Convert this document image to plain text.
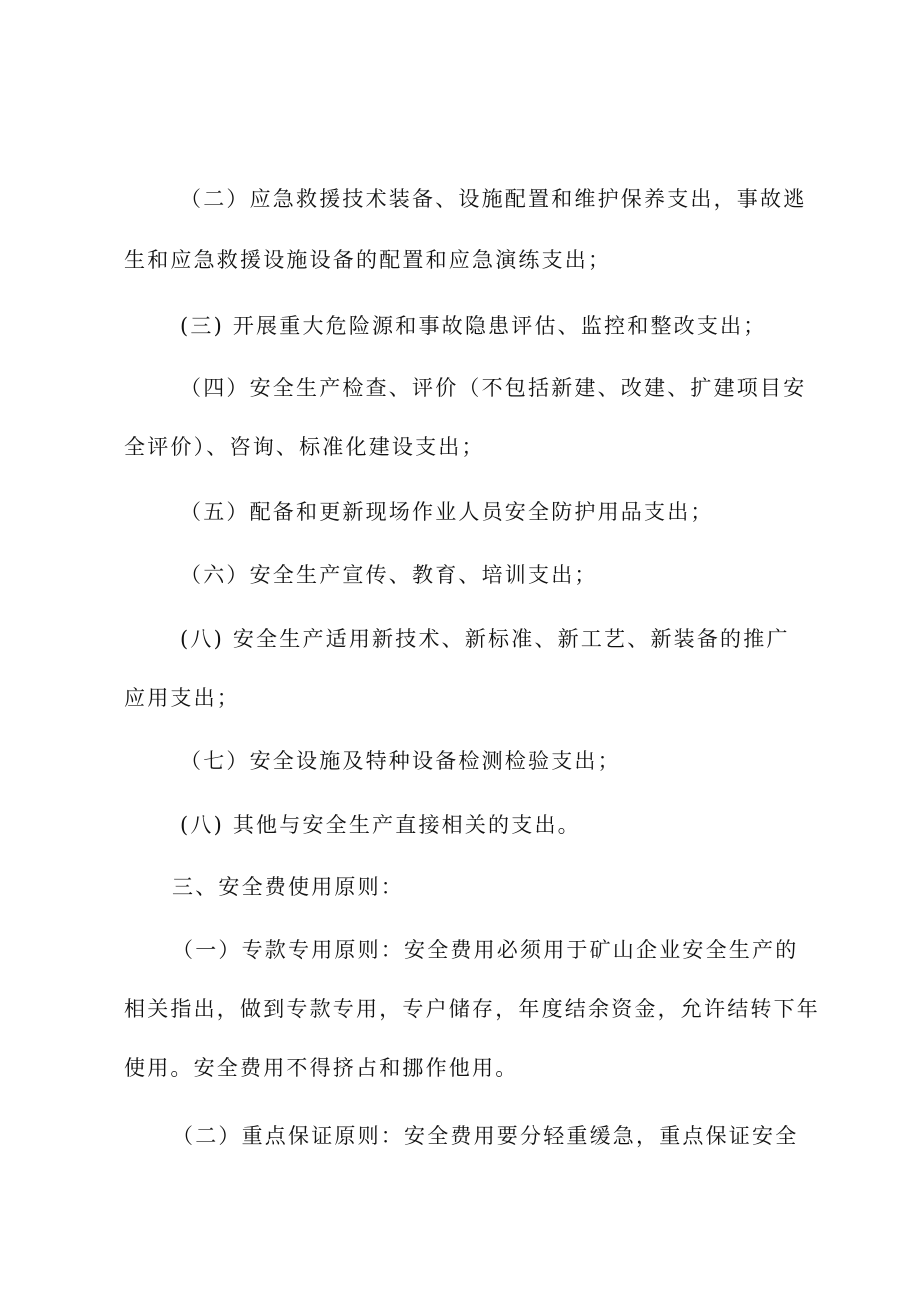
（二）应急救援技术装备、设施配置和维护保养支出，事故逃
生和应急救援设施设备的配置和应急演练支出；
(三) 开展重大危险源和事故隐患评估、监控和整改支出；
（四）安全生产检查、评价（不包括新建、改建、扩建项目安
全评价）、咨询、标准化建设支出；
（五）配备和更新现场作业人员安全防护用品支出；
（六）安全生产宣传、教育、培训支出；
(八) 安全生产适用新技术、新标准、新工艺、新装备的推广
应用支出；
（七）安全设施及特种设备检测检验支出；
(八) 其他与安全生产直接相关的支出。
三、安全费使用原则：
（一）专款专用原则：安全费用必须用于矿山企业安全生产的
相关指出，做到专款专用，专户储存，年度结余资金，允许结转下年
使用。安全费用不得挤占和挪作他用。
（二）重点保证原则：安全费用要分轻重缓急，重点保证安全
